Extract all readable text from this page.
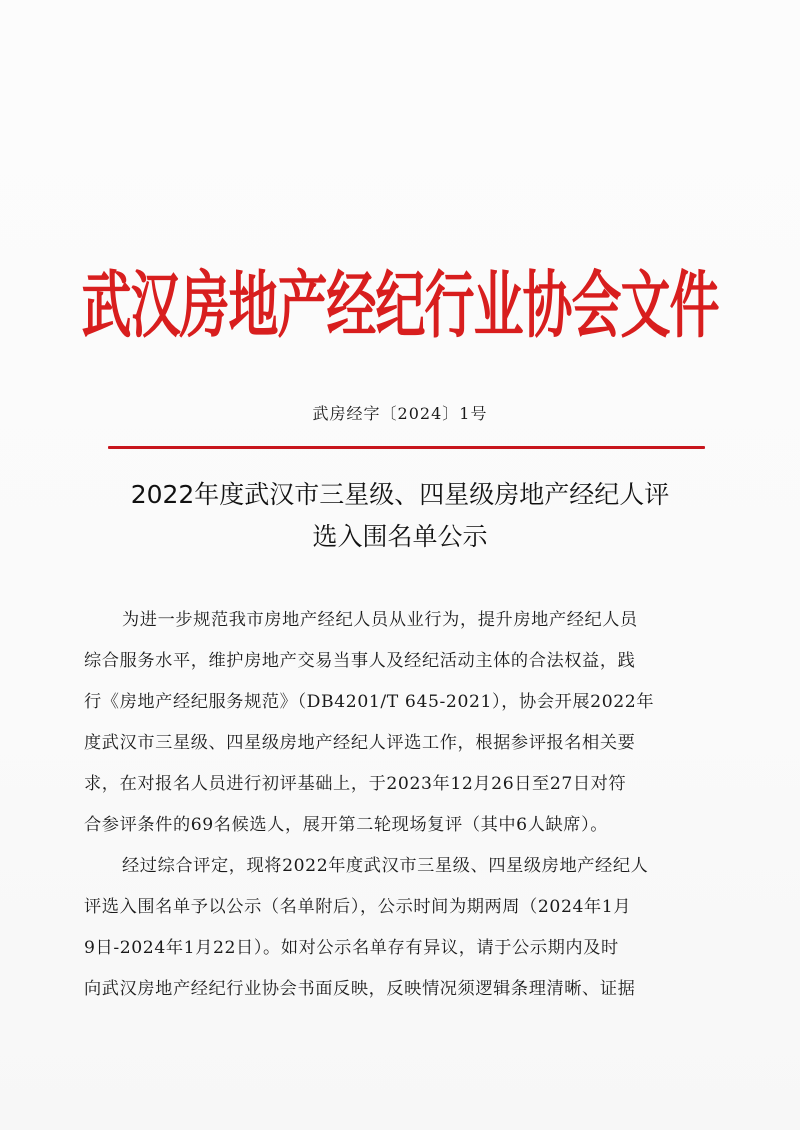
武汉房地产经纪行业协会文件
武房经字〔2024〕1号
2022年度武汉市三星级、四星级房地产经纪人评
选入围名单公示
为进一步规范我市房地产经纪人员从业行为，提升房地产经纪人员
综合服务水平，维护房地产交易当事人及经纪活动主体的合法权益，践
行《房地产经纪服务规范》（DB4201/T 645-2021），协会开展2022年
度武汉市三星级、四星级房地产经纪人评选工作，根据参评报名相关要
求，在对报名人员进行初评基础上，于2023年12月26日至27日对符
合参评条件的69名候选人，展开第二轮现场复评（其中6人缺席）。
经过综合评定，现将2022年度武汉市三星级、四星级房地产经纪人
评选入围名单予以公示（名单附后），公示时间为期两周（2024年1月
9日-2024年1月22日）。如对公示名单存有异议，请于公示期内及时
向武汉房地产经纪行业协会书面反映，反映情况须逻辑条理清晰、证据
